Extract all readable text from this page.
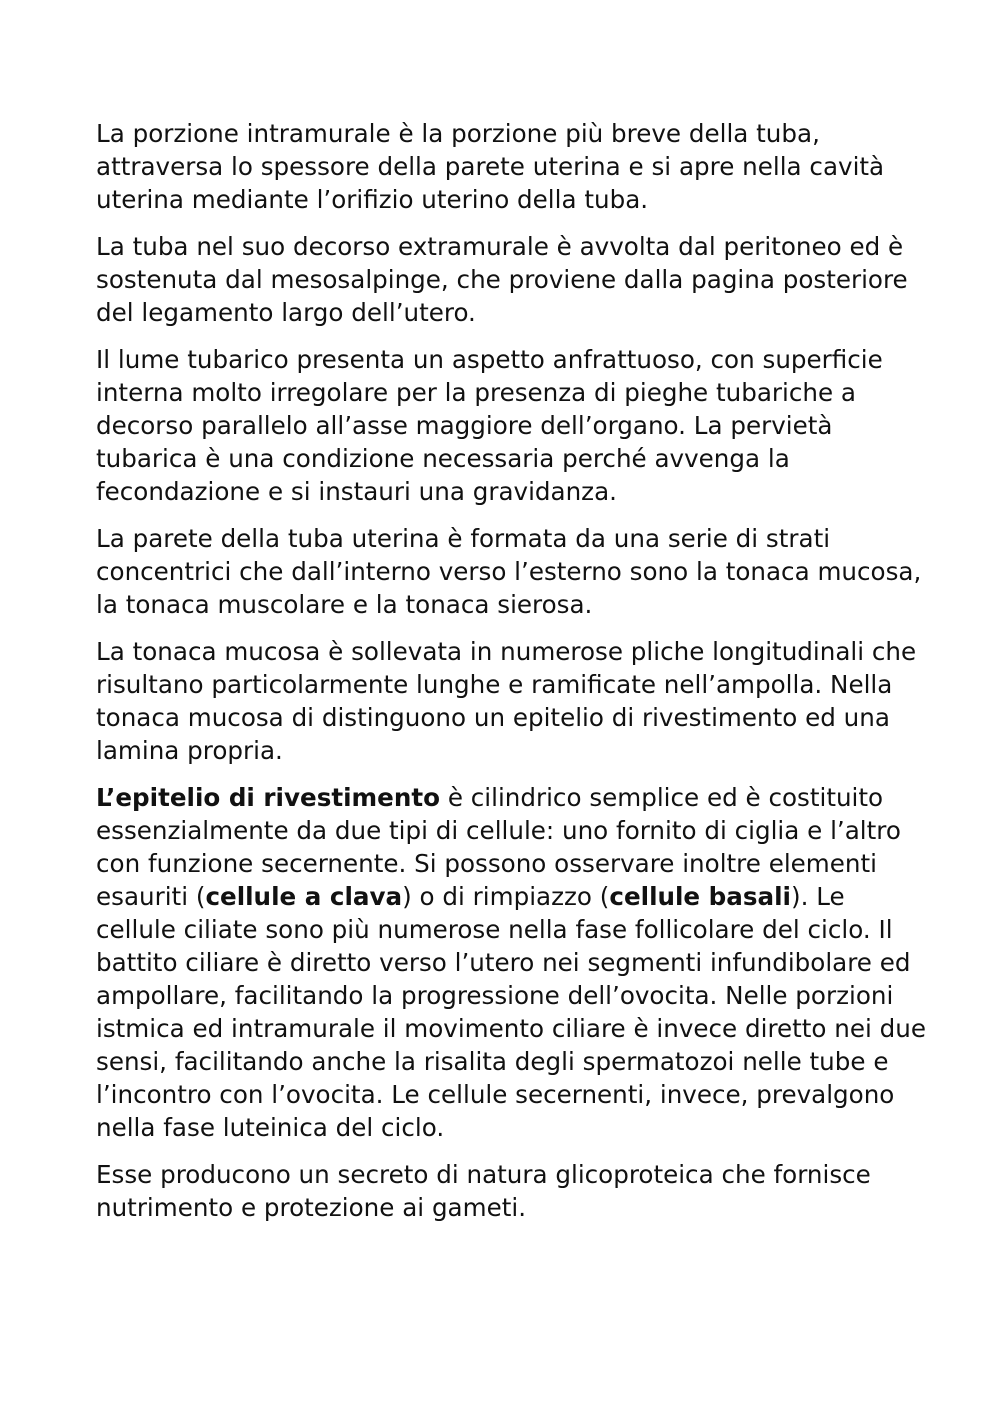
La porzione intramurale è la porzione più breve della tuba, attraversa lo spessore della parete uterina e si apre nella cavità uterina mediante l’orifizio uterino della tuba.

La tuba nel suo decorso extramurale è avvolta dal peritoneo ed è sostenuta dal mesosalpinge, che proviene dalla pagina posteriore del legamento largo dell’utero.

Il lume tubarico presenta un aspetto anfrattuoso, con superficie interna molto irregolare per la presenza di pieghe tubariche a decorso parallelo all’asse maggiore dell’organo. La pervietà tubarica è una condizione necessaria perché avvenga la fecondazione e si instauri una gravidanza.

La parete della tuba uterina è formata da una serie di strati concentrici che dall’interno verso l’esterno sono la tonaca mucosa, la tonaca muscolare e la tonaca sierosa.

La tonaca mucosa è sollevata in numerose pliche longitudinali che risultano particolarmente lunghe e ramificate nell’ampolla. Nella tonaca mucosa di distinguono un epitelio di rivestimento ed una lamina propria.

L’epitelio di rivestimento è cilindrico semplice ed è costituito essenzialmente da due tipi di cellule: uno fornito di ciglia e l’altro con funzione secernente. Si possono osservare inoltre elementi esauriti (cellule a clava) o di rimpiazzo (cellule basali). Le cellule ciliate sono più numerose nella fase follicolare del ciclo. Il battito ciliare è diretto verso l’utero nei segmenti infundibolare ed ampollare, facilitando la progressione dell’ovocita. Nelle porzioni istmica ed intramurale il movimento ciliare è invece diretto nei due sensi, facilitando anche la risalita degli spermatozoi nelle tube e l’incontro con l’ovocita. Le cellule secernenti, invece, prevalgono nella fase luteinica del ciclo.

Esse producono un secreto di natura glicoproteica che fornisce nutrimento e protezione ai gameti.
